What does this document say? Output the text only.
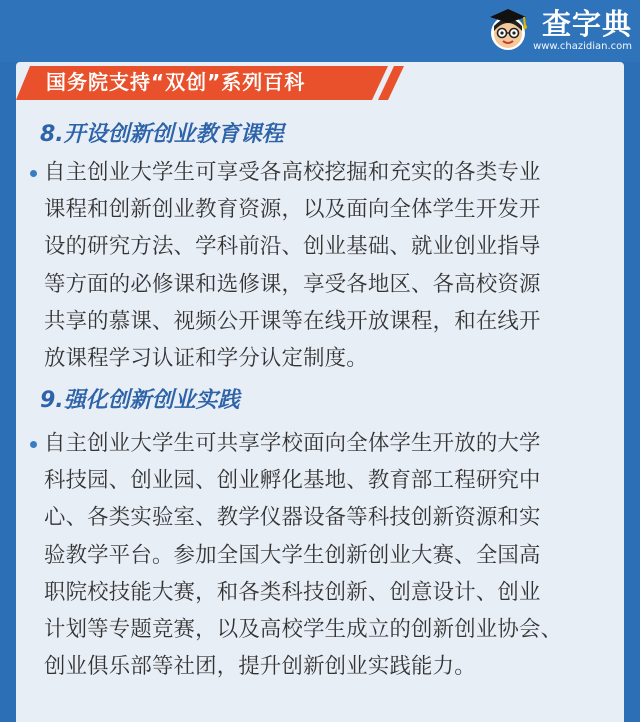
查字典
www.chazidian.com
国务院支持“双创”系列百科
8.开设创新创业教育课程
自主创业大学生可享受各高校挖掘和充实的各类专业
课程和创新创业教育资源，以及面向全体学生开发开
设的研究方法、学科前沿、创业基础、就业创业指导
等方面的必修课和选修课，享受各地区、各高校资源
共享的慕课、视频公开课等在线开放课程，和在线开
放课程学习认证和学分认定制度。
9.强化创新创业实践
自主创业大学生可共享学校面向全体学生开放的大学
科技园、创业园、创业孵化基地、教育部工程研究中
心、各类实验室、教学仪器设备等科技创新资源和实
验教学平台。参加全国大学生创新创业大赛、全国高
职院校技能大赛，和各类科技创新、创意设计、创业
计划等专题竞赛，以及高校学生成立的创新创业协会、
创业俱乐部等社团，提升创新创业实践能力。
